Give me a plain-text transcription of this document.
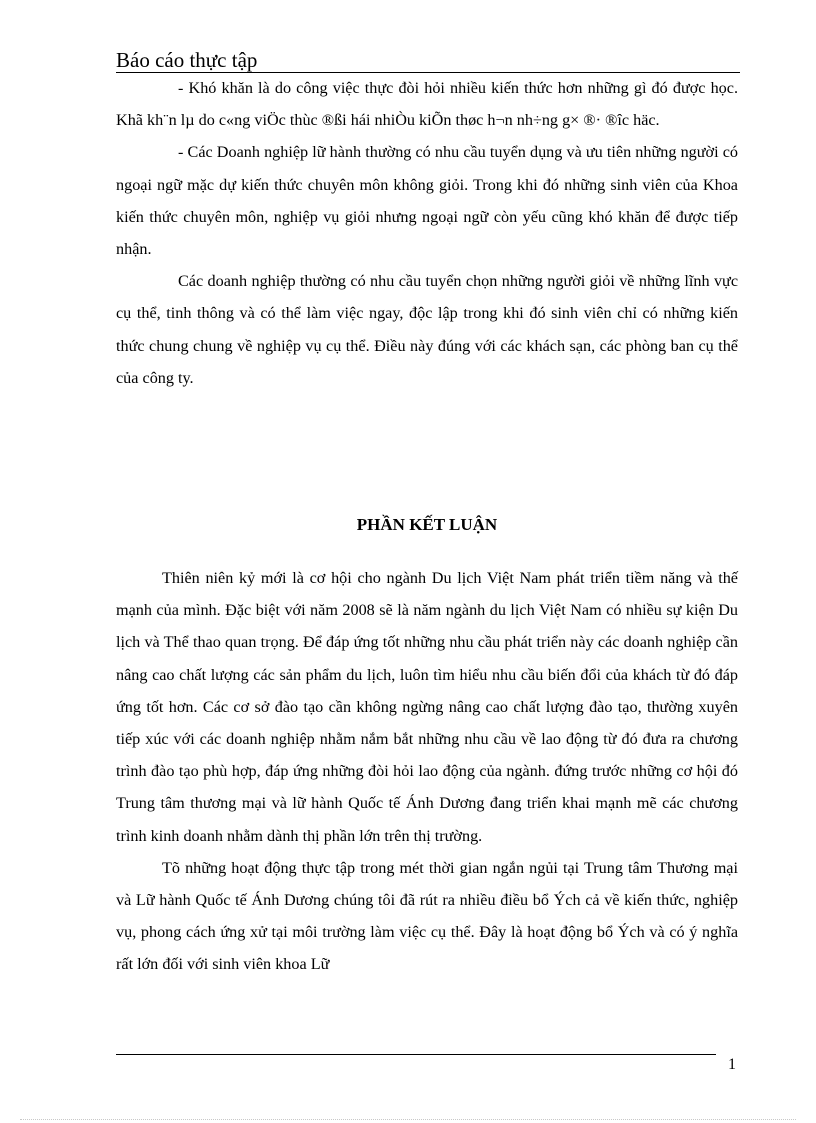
Báo cáo thực tập

- Khó khăn là do công việc thực đòi hỏi nhiều kiến thức hơn những gì đó được học. Khã kh¨n lµ do c«ng viÖc thùc ®ßi hái nhiÒu kiÕn thøc h¬n nh÷ng g× ®· ®îc häc.

- Các Doanh nghiệp lữ hành thường có nhu cầu tuyển dụng và ưu tiên những người có ngoại ngữ mặc dự kiến thức chuyên môn không giỏi. Trong khi đó những sinh viên của Khoa kiến thức chuyên môn, nghiệp vụ giỏi nhưng ngoại ngữ còn yếu cũng khó khăn để được tiếp nhận.

Các doanh nghiệp thường có nhu cầu tuyển chọn những người giỏi về những lĩnh vực cụ thể, tinh thông và có thể làm việc ngay, độc lập trong khi đó sinh viên chỉ có những kiến thức chung chung về nghiệp vụ cụ thể. Điều này đúng với các khách sạn, các phòng ban cụ thể của công ty.

PHẦN KẾT LUẬN

Thiên niên kỷ mới là cơ hội cho ngành Du lịch Việt Nam phát triển tiềm năng và thế mạnh của mình. Đặc biệt với năm 2008 sẽ là năm ngành du lịch Việt Nam có nhiều sự kiện Du lịch và Thể thao quan trọng. Để đáp ứng tốt những nhu cầu phát triển này các doanh nghiệp cần nâng cao chất lượng các sản phẩm du lịch, luôn tìm hiểu nhu cầu biến đổi của khách từ đó đáp ứng tốt hơn. Các cơ sở đào tạo cần không ngừng nâng cao chất lượng đào tạo, thường xuyên tiếp xúc với các doanh nghiệp nhằm nắm bắt những nhu cầu về lao động từ đó đưa ra chương trình đào tạo phù hợp, đáp ứng những đòi hỏi lao động của ngành. đứng trước những cơ hội đó Trung tâm thương mại và lữ hành Quốc tế Ánh Dương đang triển khai mạnh mẽ các chương trình kinh doanh nhằm dành thị phần lớn trên thị trường.

Tõ những hoạt động thực tập trong mét thời gian ngắn ngủi tại Trung tâm Thương mại và Lữ hành Quốc tế Ánh Dương chúng tôi đã rút ra nhiều điều bổ Ých cả về kiến thức, nghiệp vụ, phong cách ứng xử tại môi trường làm việc cụ thể. Đây là hoạt động bổ Ých và có ý nghĩa rất lớn đối với sinh viên khoa Lữ

1
